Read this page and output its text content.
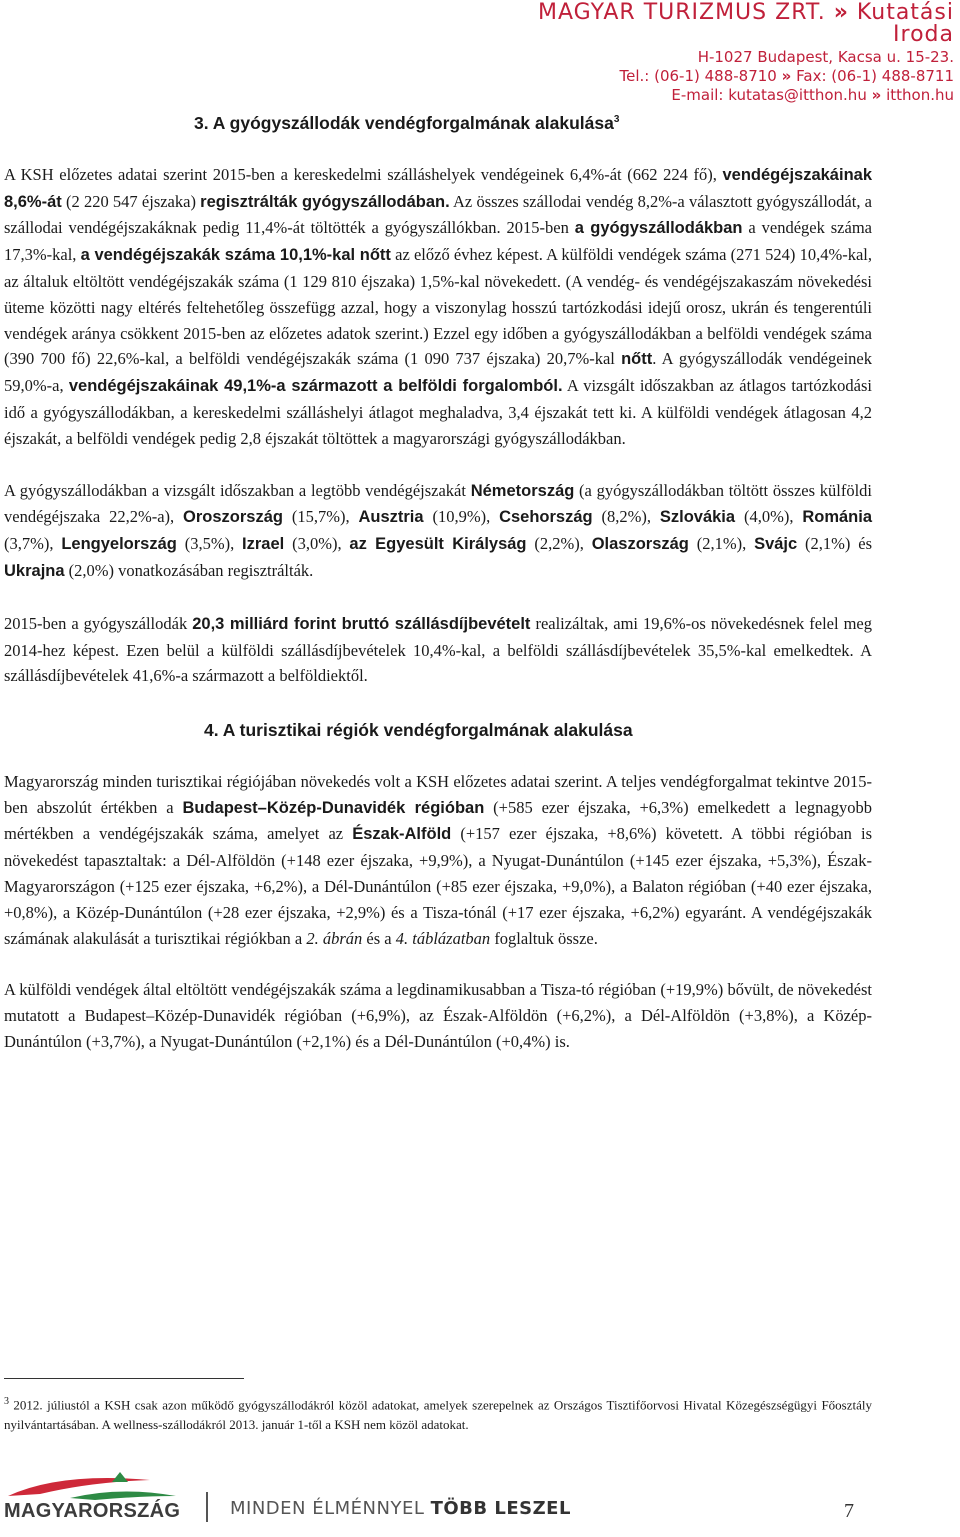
MAGYAR TURIZMUS ZRT. » Kutatási Iroda
H-1027 Budapest, Kacsa u. 15-23.
Tel.: (06-1) 488-8710 » Fax: (06-1) 488-8711
E-mail: kutatas@itthon.hu » itthon.hu
3. A gyógyszállodák vendégforgalmának alakulása$^3$

A KSH előzetes adatai szerint 2015-ben a kereskedelmi szálláshelyek vendégeinek 6,4%-át (662 224 fő), vendégéjszakáinak 8,6%-át (2 220 547 éjszaka) regisztrálták gyógyszállodában. Az összes szállodai vendég 8,2%-a választott gyógyszállodát, a szállodai vendégéjszakáknak pedig 11,4%-át töltötték a gyógyszállókban. 2015-ben a gyógyszállodákban a vendégek száma 17,3%-kal, a vendégéjszakák száma 10,1%-kal nőtt az előző évhez képest. A külföldi vendégek száma (271 524) 10,4%-kal, az általuk eltöltött vendégéjszakák száma (1 129 810 éjszaka) 1,5%-kal növekedett. (A vendég- és vendégéjszakaszám növekedési üteme közötti nagy eltérés feltehetőleg összefügg azzal, hogy a viszonylag hosszú tartózkodási idejű orosz, ukrán és tengerentúli vendégek aránya csökkent 2015-ben az előzetes adatok szerint.) Ezzel egy időben a gyógyszállodákban a belföldi vendégek száma (390 700 fő) 22,6%-kal, a belföldi vendégéjszakák száma (1 090 737 éjszaka) 20,7%-kal nőtt. A gyógyszállodák vendégeinek 59,0%-a, vendégéjszakáinak 49,1%-a származott a belföldi forgalomból. A vizsgált időszakban az átlagos tartózkodási idő a gyógyszállodákban, a kereskedelmi szálláshelyi átlagot meghaladva, 3,4 éjszakát tett ki. A külföldi vendégek átlagosan 4,2 éjszakát, a belföldi vendégek pedig 2,8 éjszakát töltöttek a magyarországi gyógyszállodákban.

A gyógyszállodákban a vizsgált időszakban a legtöbb vendégéjszakát Németország (a gyógyszállodákban töltött összes külföldi vendégéjszaka 22,2%-a), Oroszország (15,7%), Ausztria (10,9%), Csehország (8,2%), Szlovákia (4,0%), Románia (3,7%), Lengyelország (3,5%), Izrael (3,0%), az Egyesült Királyság (2,2%), Olaszország (2,1%), Svájc (2,1%) és Ukrajna (2,0%) vonatkozásában regisztrálták.

2015-ben a gyógyszállodák 20,3 milliárd forint bruttó szállásdíjbevételt realizáltak, ami 19,6%-os növekedésnek felel meg 2014-hez képest. Ezen belül a külföldi szállásdíjbevételek 10,4%-kal, a belföldi szállásdíjbevételek 35,5%-kal emelkedtek. A szállásdíjbevételek 41,6%-a származott a belföldiektől.

4. A turisztikai régiók vendégforgalmának alakulása

Magyarország minden turisztikai régiójában növekedés volt a KSH előzetes adatai szerint. A teljes vendégforgalmat tekintve 2015-ben abszolút értékben a Budapest–Közép-Dunavidék régióban (+585 ezer éjszaka, +6,3%) emelkedett a legnagyobb mértékben a vendégéjszakák száma, amelyet az Észak-Alföld (+157 ezer éjszaka, +8,6%) követett. A többi régióban is növekedést tapasztaltak: a Dél-Alföldön (+148 ezer éjszaka, +9,9%), a Nyugat-Dunántúlon (+145 ezer éjszaka, +5,3%), Észak-Magyarországon (+125 ezer éjszaka, +6,2%), a Dél-Dunántúlon (+85 ezer éjszaka, +9,0%), a Balaton régióban (+40 ezer éjszaka, +0,8%), a Közép-Dunántúlon (+28 ezer éjszaka, +2,9%) és a Tisza-tónál (+17 ezer éjszaka, +6,2%) egyaránt. A vendégéjszakák számának alakulását a turisztikai régiókban a 2. ábrán és a 4. táblázatban foglaltuk össze.

A külföldi vendégek által eltöltött vendégéjszakák száma a legdinamikusabban a Tisza-tó régióban (+19,9%) bővült, de növekedést mutatott a Budapest–Közép-Dunavidék régióban (+6,9%), az Észak-Alföldön (+6,2%), a Dél-Alföldön (+3,8%), a Közép-Dunántúlon (+3,7%), a Nyugat-Dunántúlon (+2,1%) és a Dél-Dunántúlon (+0,4%) is.

$^3$ 2012. júliustól a KSH csak azon működő gyógyszállodákról közöl adatokat, amelyek szerepelnek az Országos Tisztifőorvosi Hivatal Közegészségügyi Főosztály nyilvántartásában. A wellness-szállodákról 2013. január 1-től a KSH nem közöl adatokat.

MAGYARORSZÁG	MINDEN ÉLMÉNNYEL TÖBB LESZEL	7
